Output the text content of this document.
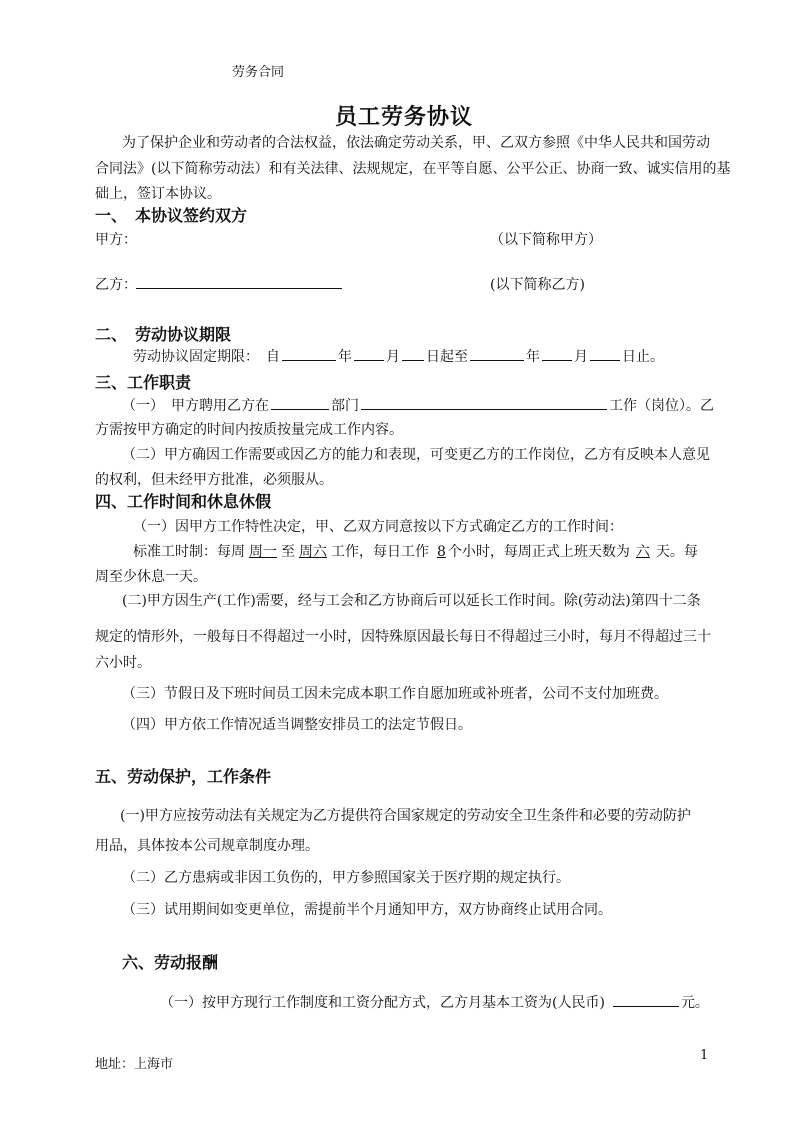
劳务合同
员工劳务协议
为了保护企业和劳动者的合法权益，依法确定劳动关系，甲、乙双方参照《中华人民共和国劳动
合同法》(以下简称劳动法）和有关法律、法规规定，在平等自愿、公平公正、协商一致、诚实信用的基
础上，签订本协议。
一、　本协议签约双方
甲方：	（以下简称甲方）
乙方：	(以下简称乙方)
二、　劳动协议期限
劳动协议固定期限：　自	年 月 日起至	年 月 日止。
三、工作职责
（一）　甲方聘用乙方在	部门	工作（岗位）。乙
方需按甲方确定的时间内按质按量完成工作内容。
（二）甲方确因工作需要或因乙方的能力和表现，可变更乙方的工作岗位，乙方有反映本人意见
的权利，但未经甲方批准，必须服从。
四、工作时间和休息休假
（一）因甲方工作特性决定，甲、乙双方同意按以下方式确定乙方的工作时间：
标准工时制：每周 周一 至 周六 工作，每日工作 8 个小时，每周正式上班天数为 六 天。每
周至少休息一天。
(二)甲方因生产(工作)需要，经与工会和乙方协商后可以延长工作时间。除(劳动法)第四十二条
规定的情形外，一般每日不得超过一小时，因特殊原因最长每日不得超过三小时，每月不得超过三十
六小时。
（三）节假日及下班时间员工因未完成本职工作自愿加班或补班者，公司不支付加班费。
（四）甲方依工作情况适当调整安排员工的法定节假日。
五、劳动保护，工作条件
(一)甲方应按劳动法有关规定为乙方提供符合国家规定的劳动安全卫生条件和必要的劳动防护
用品，具体按本公司规章制度办理。
（二）乙方患病或非因工负伤的，甲方参照国家关于医疗期的规定执行。
（三）试用期间如变更单位，需提前半个月通知甲方，双方协商终止试用合同。
六、劳动报酬
（一）按甲方现行工作制度和工资分配方式，乙方月基本工资为(人民币)	元。
地址：上海市
1
